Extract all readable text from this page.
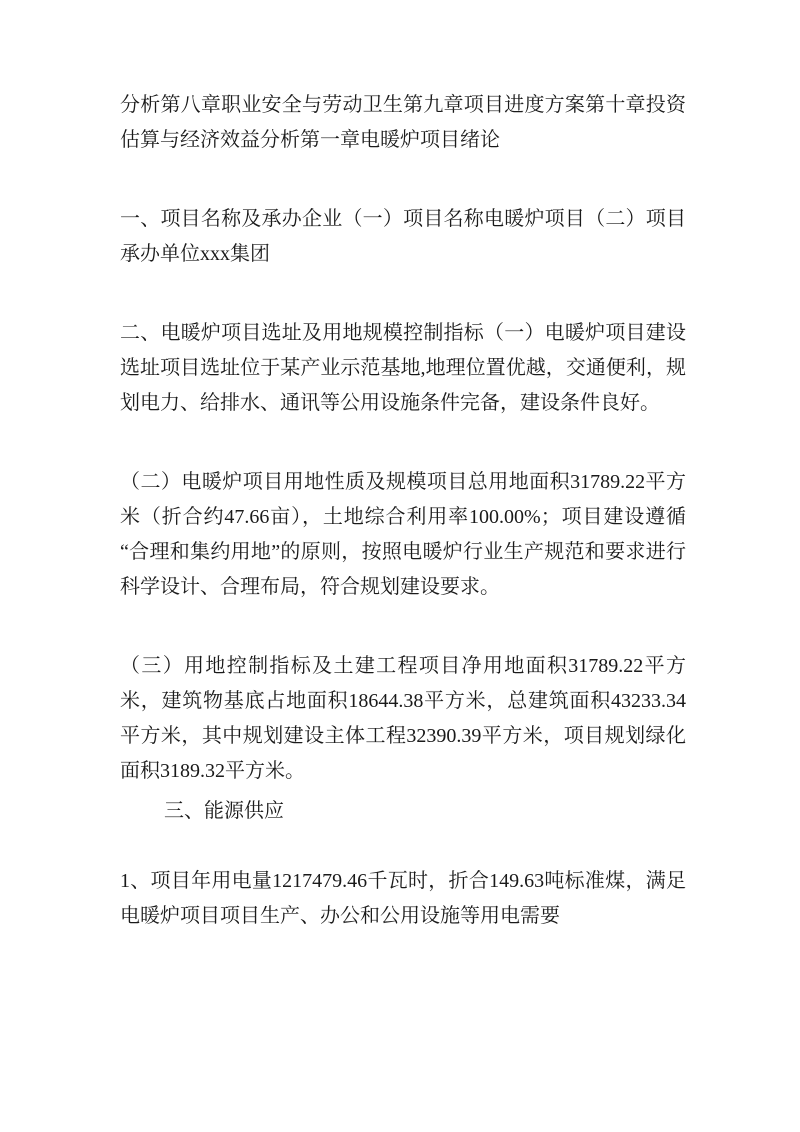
分析第八章职业安全与劳动卫生第九章项目进度方案第十章投资估算与经济效益分析第一章电暖炉项目绪论

一、项目名称及承办企业（一）项目名称电暖炉项目（二）项目承办单位xxx集团

二、电暖炉项目选址及用地规模控制指标（一）电暖炉项目建设选址项目选址位于某产业示范基地,地理位置优越，交通便利，规划电力、给排水、通讯等公用设施条件完备，建设条件良好。

（二）电暖炉项目用地性质及规模项目总用地面积31789.22平方米（折合约47.66亩），土地综合利用率100.00%；项目建设遵循“合理和集约用地”的原则，按照电暖炉行业生产规范和要求进行科学设计、合理布局，符合规划建设要求。

（三）用地控制指标及土建工程项目净用地面积31789.22平方米，建筑物基底占地面积18644.38平方米，总建筑面积43233.34平方米，其中规划建设主体工程32390.39平方米，项目规划绿化面积3189.32平方米。

三、能源供应

1、项目年用电量1217479.46千瓦时，折合149.63吨标准煤，满足电暖炉项目项目生产、办公和公用设施等用电需要
